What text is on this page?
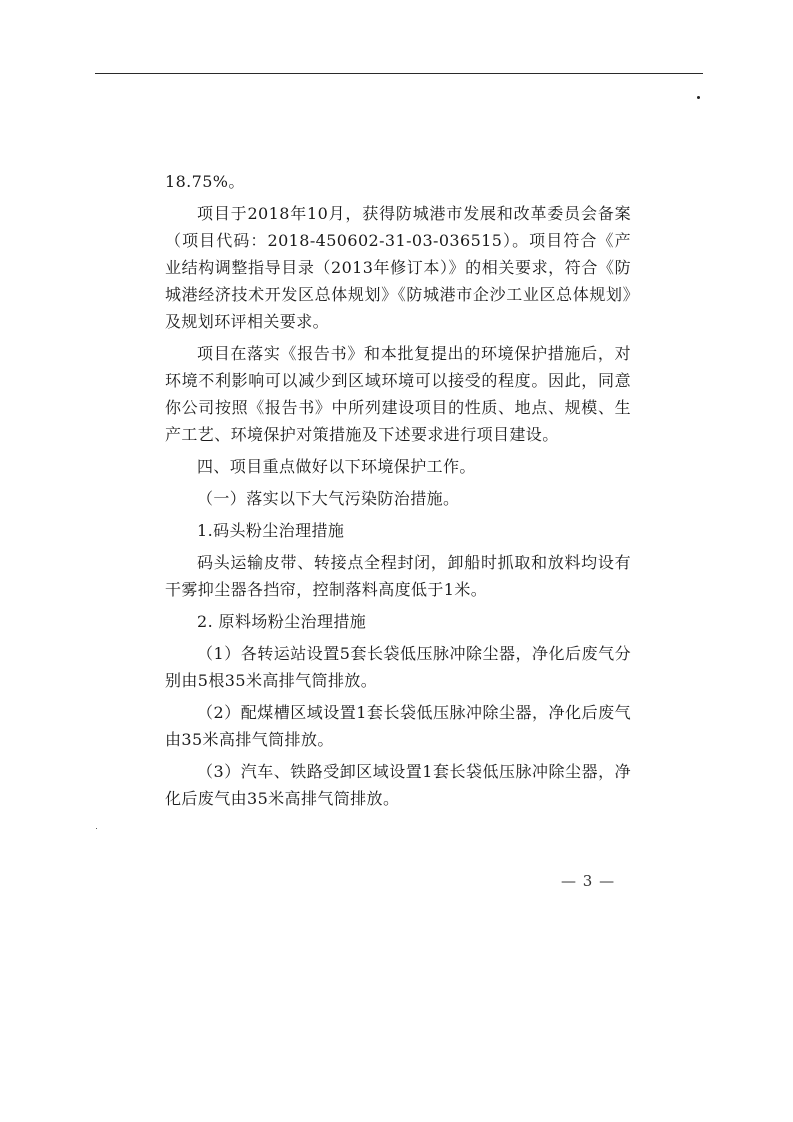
18.75%。

项目于2018年10月，获得防城港市发展和改革委员会备案（项目代码：2018-450602-31-03-036515）。项目符合《产业结构调整指导目录（2013年修订本）》的相关要求，符合《防城港经济技术开发区总体规划》《防城港市企沙工业区总体规划》及规划环评相关要求。

项目在落实《报告书》和本批复提出的环境保护措施后，对环境不利影响可以减少到区域环境可以接受的程度。因此，同意你公司按照《报告书》中所列建设项目的性质、地点、规模、生产工艺、环境保护对策措施及下述要求进行项目建设。

四、项目重点做好以下环境保护工作。

（一）落实以下大气污染防治措施。

1.码头粉尘治理措施

码头运输皮带、转接点全程封闭，卸船时抓取和放料均设有干雾抑尘器各挡帘，控制落料高度低于1米。

2. 原料场粉尘治理措施

（1）各转运站设置5套长袋低压脉冲除尘器，净化后废气分别由5根35米高排气筒排放。

（2）配煤槽区域设置1套长袋低压脉冲除尘器，净化后废气由35米高排气筒排放。

（3）汽车、铁路受卸区域设置1套长袋低压脉冲除尘器，净化后废气由35米高排气筒排放。

— 3 —
